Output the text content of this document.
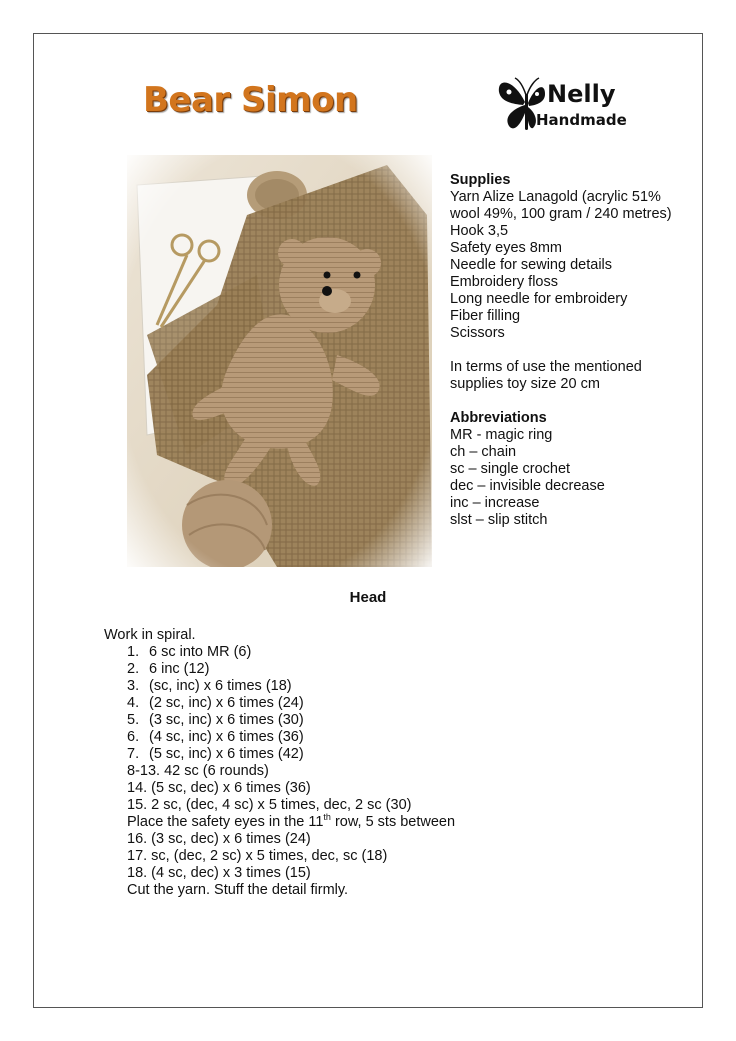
Bear Simon	Nelly
Handmade
Supplies
Yarn Alize Lanagold (acrylic 51%
wool 49%, 100 gram / 240 metres)
Hook 3,5
Safety eyes 8mm
Needle for sewing details
Embroidery floss
Long needle for embroidery
Fiber filling
Scissors
In terms of use the mentioned
supplies toy size 20 cm
Abbreviations
MR - magic ring
ch – chain
sc – single crochet
dec – invisible decrease
inc – increase
slst – slip stitch
Head
Work in spiral.
1. 6 sc into MR (6)
2. 6 inc (12)
3. (sc, inc) x 6 times (18)
4. (2 sc, inc) x 6 times (24)
5. (3 sc, inc) x 6 times (30)
6. (4 sc, inc) x 6 times (36)
7. (5 sc, inc) x 6 times (42)
8-13. 42 sc (6 rounds)
14. (5 sc, dec) x 6 times (36)
15. 2 sc, (dec, 4 sc) x 5 times, dec, 2 sc (30)
Place the safety eyes in the 11th row, 5 sts between
16. (3 sc, dec) x 6 times (24)
17. sc, (dec, 2 sc) x 5 times, dec, sc (18)
18. (4 sc, dec) x 3 times (15)
Cut the yarn. Stuff the detail firmly.
